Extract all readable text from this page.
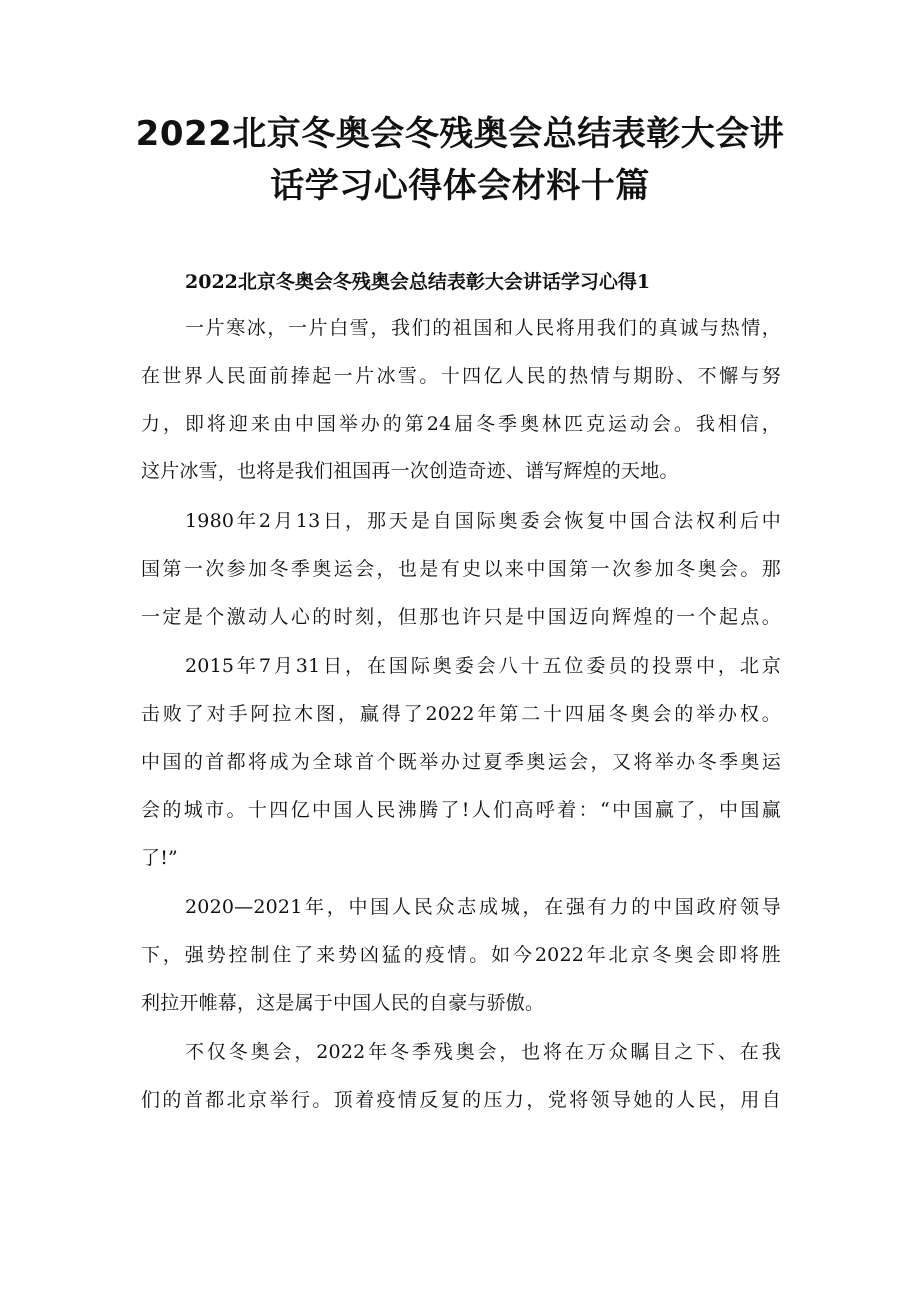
2022北京冬奥会冬残奥会总结表彰大会讲
话学习心得体会材料十篇

2022北京冬奥会冬残奥会总结表彰大会讲话学习心得1

一片寒冰，一片白雪，我们的祖国和人民将用我们的真诚与热情，

在世界人民面前捧起一片冰雪。十四亿人民的热情与期盼、不懈与努

力，即将迎来由中国举办的第24届冬季奥林匹克运动会。我相信，

这片冰雪，也将是我们祖国再一次创造奇迹、谱写辉煌的天地。

1980年2月13日，那天是自国际奥委会恢复中国合法权利后中

国第一次参加冬季奥运会，也是有史以来中国第一次参加冬奥会。那

一定是个激动人心的时刻，但那也许只是中国迈向辉煌的一个起点。

2015年7月31日，在国际奥委会八十五位委员的投票中，北京

击败了对手阿拉木图，赢得了2022年第二十四届冬奥会的举办权。

中国的首都将成为全球首个既举办过夏季奥运会，又将举办冬季奥运

会的城市。十四亿中国人民沸腾了!人们高呼着：“中国赢了，中国赢

了!”

2020—2021年，中国人民众志成城，在强有力的中国政府领导

下，强势控制住了来势凶猛的疫情。如今2022年北京冬奥会即将胜

利拉开帷幕，这是属于中国人民的自豪与骄傲。

不仅冬奥会，2022年冬季残奥会，也将在万众瞩目之下、在我

们的首都北京举行。顶着疫情反复的压力，党将领导她的人民，用自
